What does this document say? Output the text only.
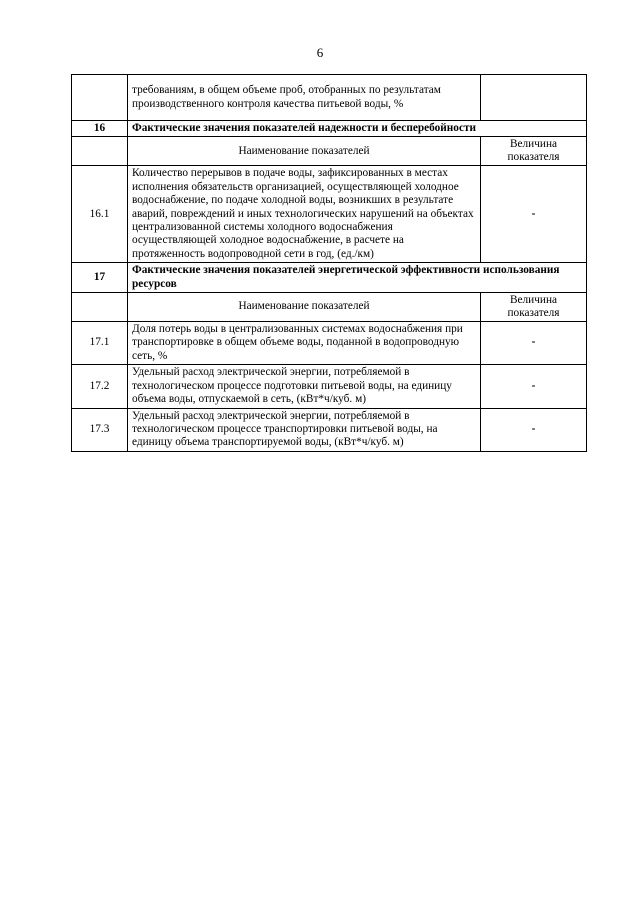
6
	требованиям, в общем объеме проб, отобранных по результатам производственного контроля качества питьевой воды, %	
16	Фактические значения показателей надежности и бесперебойности	
	Наименование показателей	Величина показателя
16.1	Количество перерывов в подаче воды, зафиксированных в местах исполнения обязательств организацией, осуществляющей холодное водоснабжение, по подаче холодной воды, возникших в результате аварий, повреждений и иных технологических нарушений на объектах централизованной системы холодного водоснабжения осуществляющей холодное водоснабжение, в расчете на протяженность водопроводной сети в год, (ед./км)	-
17	Фактические значения показателей энергетической эффективности использования ресурсов	
	Наименование показателей	Величина показателя
17.1	Доля потерь воды в централизованных системах водоснабжения при транспортировке в общем объеме воды, поданной в водопроводную сеть, %	-
17.2	Удельный расход электрической энергии, потребляемой в технологическом процессе подготовки питьевой воды, на единицу объема воды, отпускаемой в сеть, (кВт*ч/куб. м)	-
17.3	Удельный расход электрической энергии, потребляемой в технологическом процессе транспортировки питьевой воды, на единицу объема транспортируемой воды, (кВт*ч/куб. м)	-
